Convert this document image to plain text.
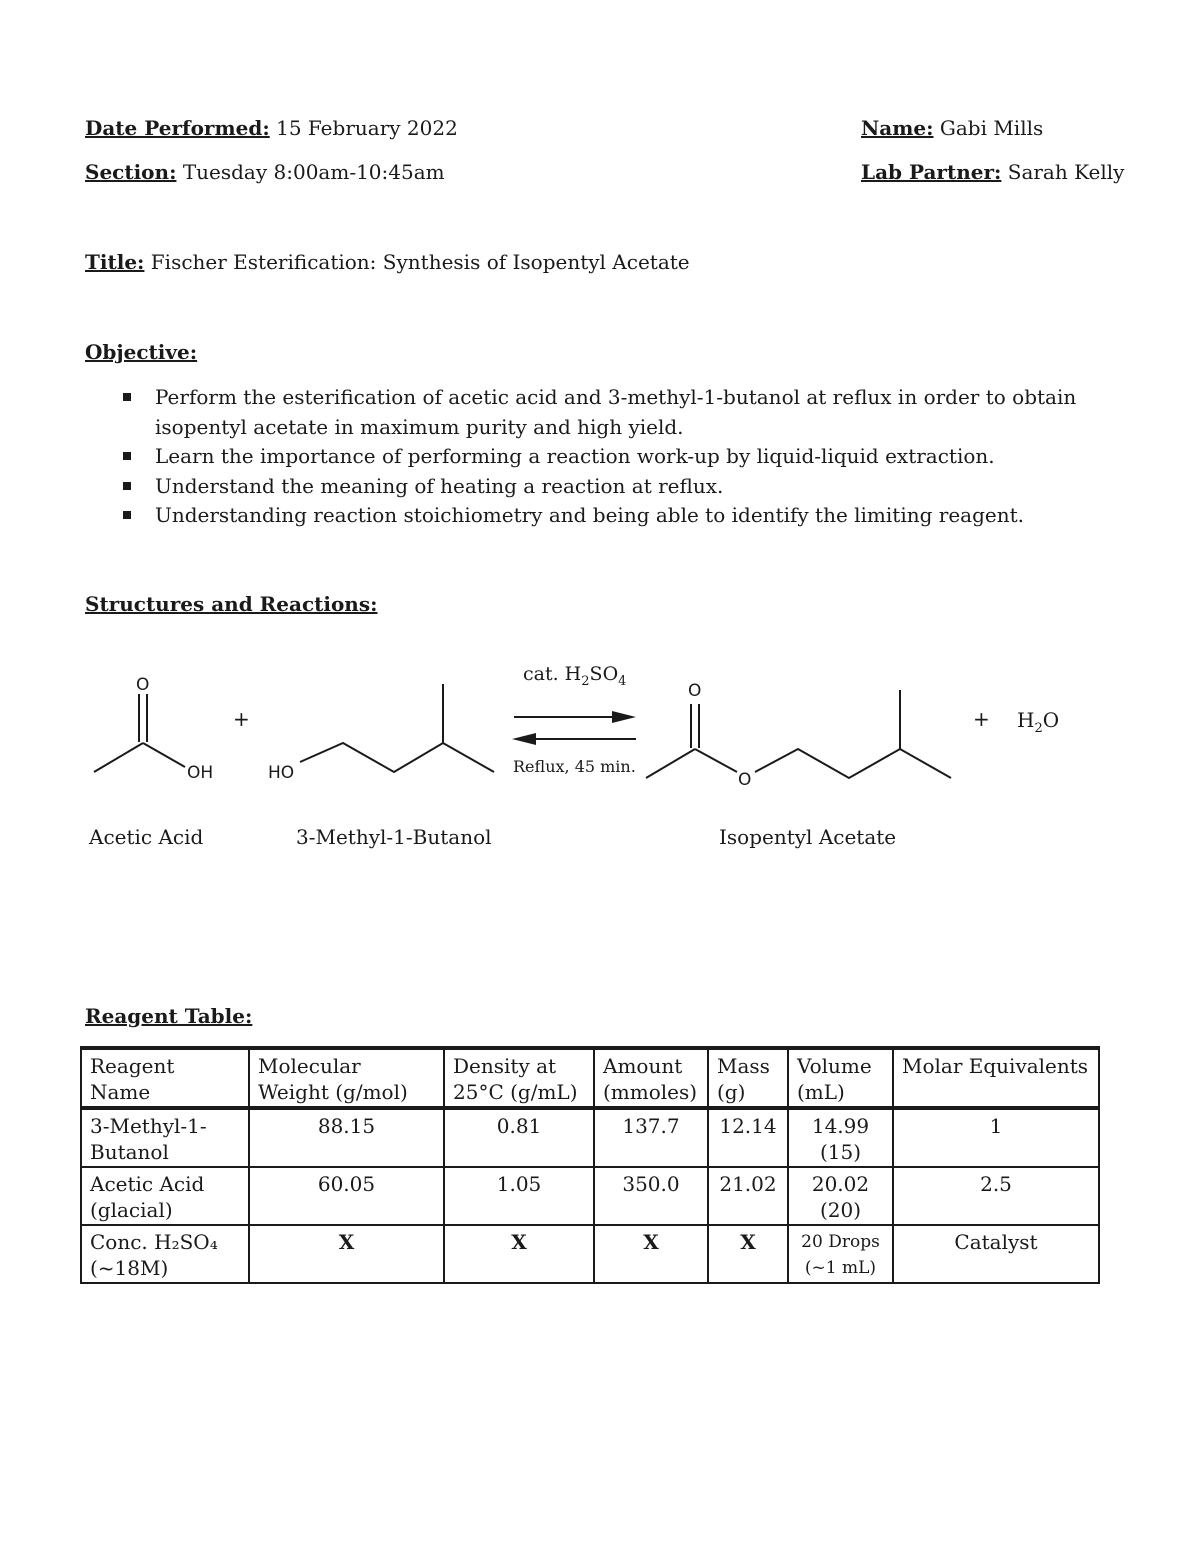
Date Performed: 15 February 2022	Name: Gabi Mills
Section: Tuesday 8:00am-10:45am	Lab Partner: Sarah Kelly
Title: Fischer Esterification: Synthesis of Isopentyl Acetate
Objective:
Perform the esterification of acetic acid and 3-methyl-1-butanol at reflux in order to obtain isopentyl acetate in maximum purity and high yield.
Learn the importance of performing a reaction work-up by liquid-liquid extraction.
Understand the meaning of heating a reaction at reflux.
Understanding reaction stoichiometry and being able to identify the limiting reagent.
Structures and Reactions:
O
OH
+
HO
cat. $H_2SO_4$
Reflux, 45 min.
O
O
+ $H_2O$
Acetic Acid	3-Methyl-1-Butanol	Isopentyl Acetate
Reagent Table:
Reagent Name	Molecular Weight (g/mol)	Density at 25°C (g/mL)	Amount (mmoles)	Mass (g)	Volume (mL)	Molar Equivalents
3-Methyl-1-Butanol	88.15	0.81	137.7	12.14	14.99 (15)	1
Acetic Acid (glacial)	60.05	1.05	350.0	21.02	20.02 (20)	2.5
Conc. H₂SO₄ (~18M)	X	X	X	X	20 Drops (~1 mL)	Catalyst
